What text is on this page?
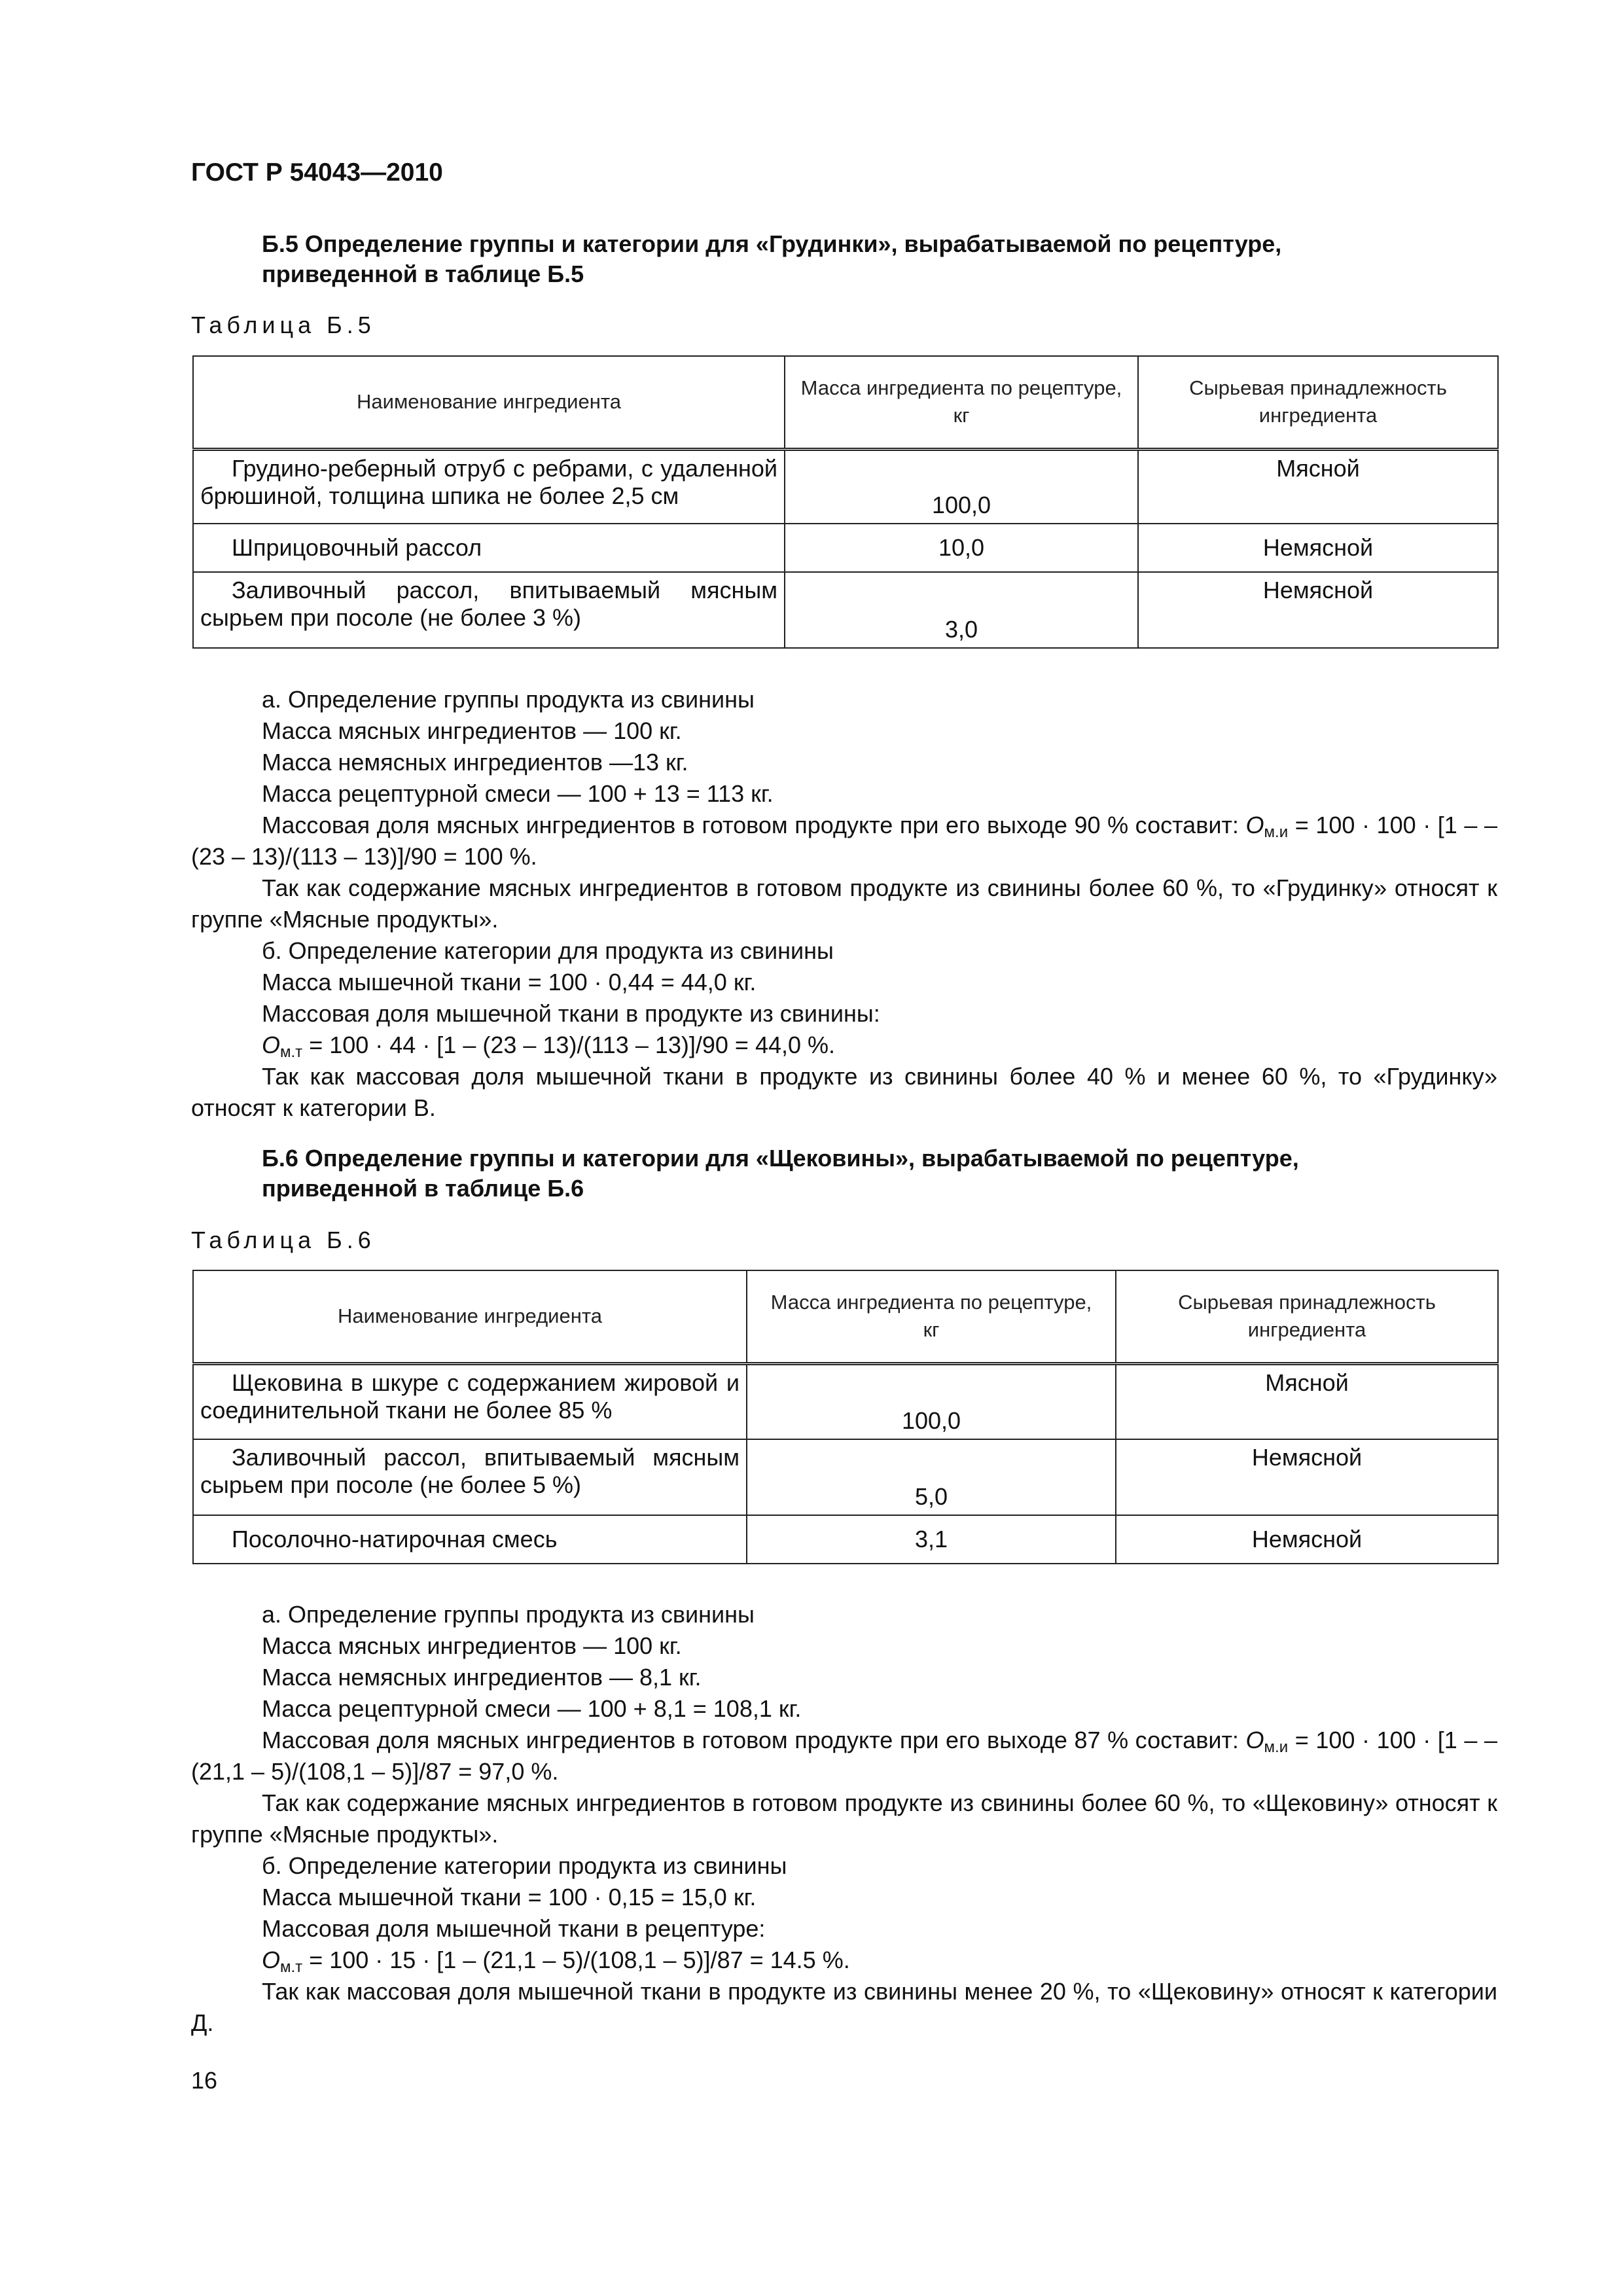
ГОСТ Р 54043—2010
Б.5 Определение группы и категории для «Грудинки», вырабатываемой по рецептуре,
приведенной в таблице Б.5
Таблица Б.5
Наименование ингредиента	Масса ингредиента по рецептуре, кг	Сырьевая принадлежность ингредиента
Грудино-реберный отруб с ребрами, с удаленной брюшиной, толщина шпика не более 2,5 см	100,0	Мясной
Шприцовочный рассол	10,0	Немясной
Заливочный рассол, впитываемый мясным сырьем при посоле (не более 3 %)	3,0	Немясной

а. Определение группы продукта из свинины

Масса мясных ингредиентов — 100 кг.

Масса немясных ингредиентов —13 кг.

Масса рецептурной смеси — 100 + 13 = 113 кг.

Массовая доля мясных ингредиентов в готовом продукте при его выходе 90 % составит: $О_{м.и} = 100 \cdot 100 \cdot [1$ – – (23 – 13)/(113 – 13)]/90 = 100 %.

Так как содержание мясных ингредиентов в готовом продукте из свинины более 60 %, то «Грудинку» относят к группе «Мясные продукты».

б. Определение категории для продукта из свинины

Масса мышечной ткани = 100 · 0,44 = 44,0 кг.

Массовая доля мышечной ткани в продукте из свинины:

$О_{м.т} = 100 \cdot 44 \cdot [1 - (23 - 13)/(113 - 13)]/90 = 44,0$ %.

Так как массовая доля мышечной ткани в продукте из свинины более 40 % и менее 60 %, то «Грудинку» относят к категории В.

Б.6 Определение группы и категории для «Щековины», вырабатываемой по рецептуре,
приведенной в таблице Б.6
Таблица Б.6
Наименование ингредиента	Масса ингредиента по рецептуре, кг	Сырьевая принадлежность ингредиента
Щековина в шкуре с содержанием жировой и соединительной ткани не более 85 %	100,0	Мясной
Заливочный рассол, впитываемый мясным сырьем при посоле (не более 5 %)	5,0	Немясной
Посолочно-натирочная смесь	3,1	Немясной

а. Определение группы продукта из свинины

Масса мясных ингредиентов — 100 кг.

Масса немясных ингредиентов — 8,1 кг.

Масса рецептурной смеси — 100 + 8,1 = 108,1 кг.

Массовая доля мясных ингредиентов в готовом продукте при его выходе 87 % составит: $О_{м.и} = 100 \cdot 100 \cdot [1$ – – (21,1 – 5)/(108,1 – 5)]/87 = 97,0 %.

Так как содержание мясных ингредиентов в готовом продукте из свинины более 60 %, то «Щековину» относят к группе «Мясные продукты».

б. Определение категории продукта из свинины

Масса мышечной ткани = 100 · 0,15 = 15,0 кг.

Массовая доля мышечной ткани в рецептуре:

$О_{м.т} = 100 \cdot 15 \cdot [1 - (21,1 - 5)/(108,1 - 5)]/87 = 14.5$ %.

Так как массовая доля мышечной ткани в продукте из свинины менее 20 %, то «Щековину» относят к категории Д.

16
